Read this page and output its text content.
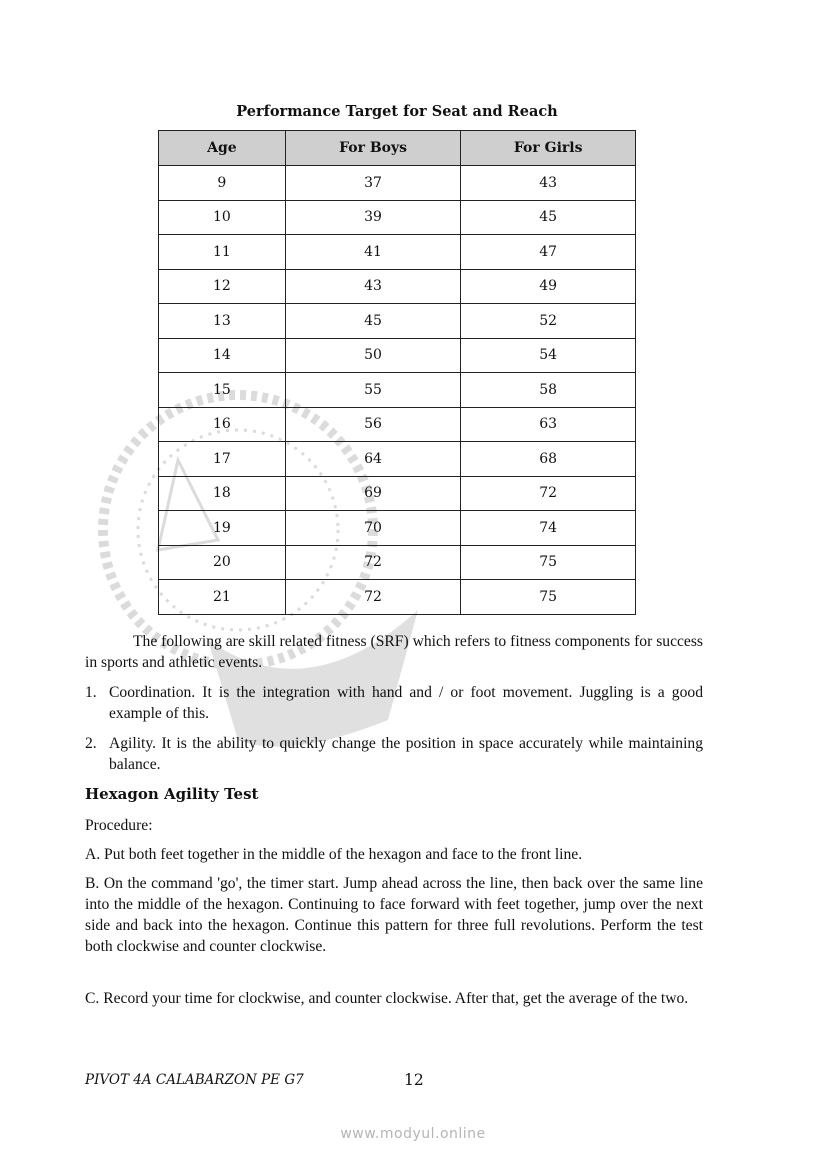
Performance Target for Seat and Reach
Age	For Boys	For Girls
9	37	43
10	39	45
11	41	47
12	43	49
13	45	52
14	50	54
15	55	58
16	56	63
17	64	68
18	69	72
19	70	74
20	72	75
21	72	75
The following are skill related fitness (SRF) which refers to fitness components for success in sports and athletic events.
1. Coordination. It is the integration with hand and / or foot movement. Juggling is a good example of this.
2. Agility. It is the ability to quickly change the position in space accurately while maintaining balance.
Hexagon Agility Test
Procedure:
A. Put both feet together in the middle of the hexagon and face to the front line.
B. On the command 'go', the timer start. Jump ahead across the line, then back over the same line into the middle of the hexagon. Continuing to face forward with feet together, jump over the next side and back into the hexagon. Continue this pattern for three full revolutions. Perform the test both clockwise and counter clockwise.
C. Record your time for clockwise, and counter clockwise. After that, get the average of the two.
PIVOT 4A CALABARZON PE G7	12
www.modyul.online
